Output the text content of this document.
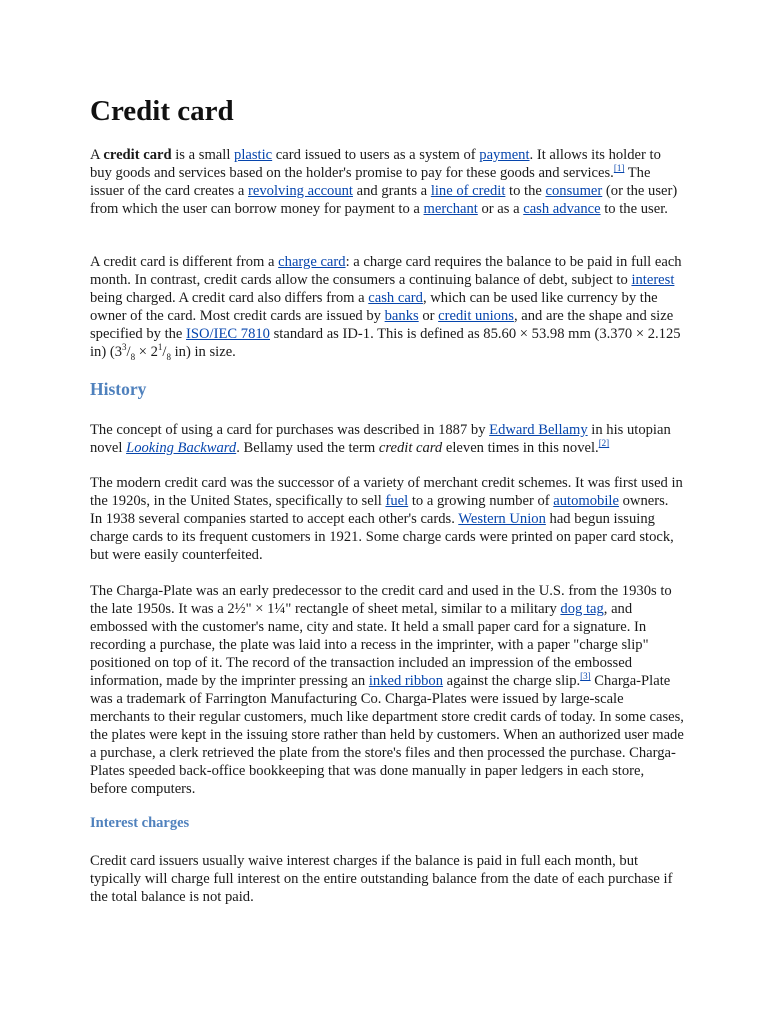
Credit card

A credit card is a small plastic card issued to users as a system of payment. It allows its holder to buy goods and services based on the holder's promise to pay for these goods and services.[1] The issuer of the card creates a revolving account and grants a line of credit to the consumer (or the user) from which the user can borrow money for payment to a merchant or as a cash advance to the user.

A credit card is different from a charge card: a charge card requires the balance to be paid in full each month. In contrast, credit cards allow the consumers a continuing balance of debt, subject to interest being charged. A credit card also differs from a cash card, which can be used like currency by the owner of the card. Most credit cards are issued by banks or credit unions, and are the shape and size specified by the ISO/IEC 7810 standard as ID-1. This is defined as 85.60 × 53.98 mm (3.370 × 2.125 in) ($3^3/_8 \times 2^1/_8$ in) in size.

History

The concept of using a card for purchases was described in 1887 by Edward Bellamy in his utopian novel Looking Backward. Bellamy used the term credit card eleven times in this novel.[2]

The modern credit card was the successor of a variety of merchant credit schemes. It was first used in the 1920s, in the United States, specifically to sell fuel to a growing number of automobile owners. In 1938 several companies started to accept each other's cards. Western Union had begun issuing charge cards to its frequent customers in 1921. Some charge cards were printed on paper card stock, but were easily counterfeited.

The Charga-Plate was an early predecessor to the credit card and used in the U.S. from the 1930s to the late 1950s. It was a 2½" × 1¼" rectangle of sheet metal, similar to a military dog tag, and embossed with the customer's name, city and state. It held a small paper card for a signature. In recording a purchase, the plate was laid into a recess in the imprinter, with a paper "charge slip" positioned on top of it. The record of the transaction included an impression of the embossed information, made by the imprinter pressing an inked ribbon against the charge slip.[3] Charga-Plate was a trademark of Farrington Manufacturing Co. Charga-Plates were issued by large-scale merchants to their regular customers, much like department store credit cards of today. In some cases, the plates were kept in the issuing store rather than held by customers. When an authorized user made a purchase, a clerk retrieved the plate from the store's files and then processed the purchase. Charga-Plates speeded back-office bookkeeping that was done manually in paper ledgers in each store, before computers.

Interest charges

Credit card issuers usually waive interest charges if the balance is paid in full each month, but typically will charge full interest on the entire outstanding balance from the date of each purchase if the total balance is not paid.
